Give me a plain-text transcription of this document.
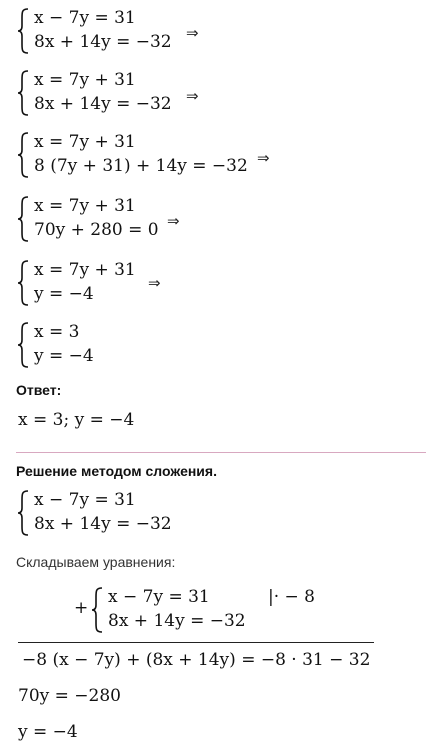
x − 7y = 31
8x + 14y = −32 ⇒
x = 7y + 31
8x + 14y = −32 ⇒
x = 7y + 31
8 (7y + 31) + 14y = −32 ⇒
x = 7y + 31
70y + 280 = 0 ⇒
x = 7y + 31
y = −4
⇒
x = 3
y = −4
Ответ:
x = 3; y = −4
Решение методом сложения.
x − 7y = 31
8x + 14y = −32
Складываем уравнения:
+
x − 7y = 31
8x + 14y = −32
|· − 8
−8 (x − 7y) + (8x + 14y) = −8 · 31 − 32
70y = −280
y = −4
